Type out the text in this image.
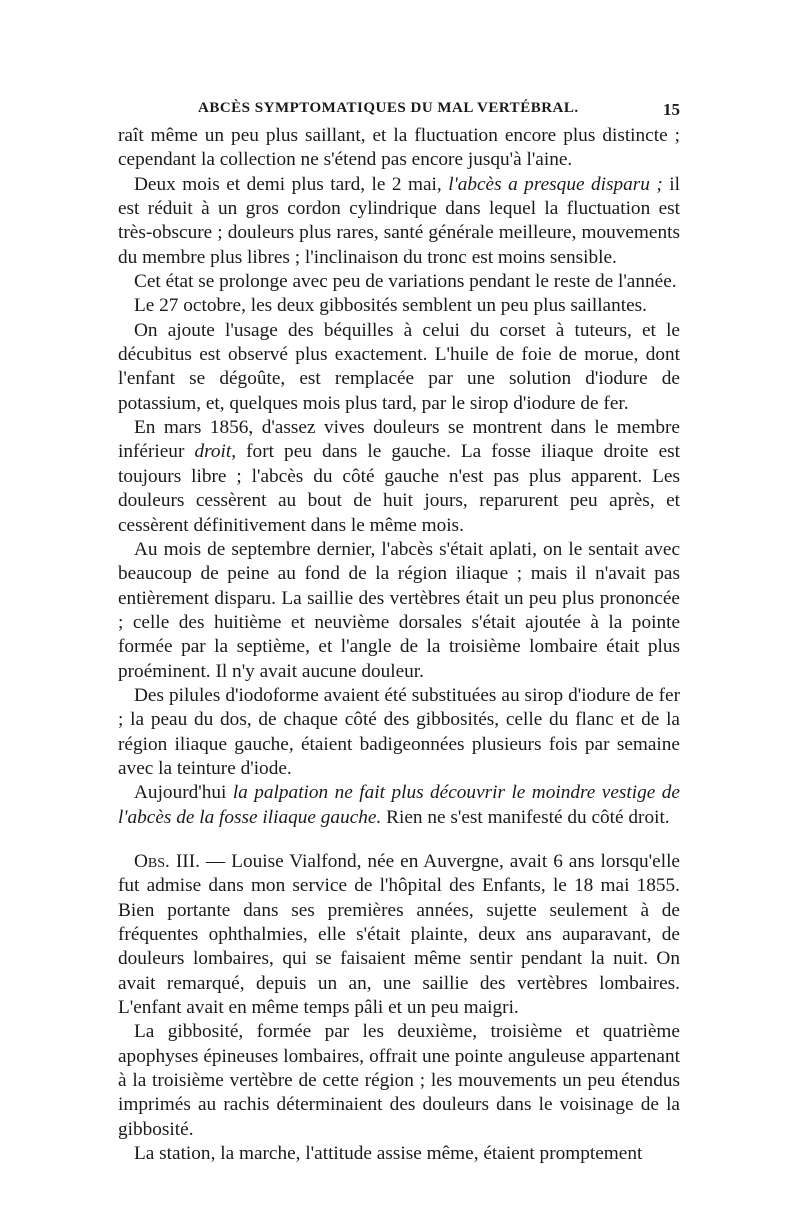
ABCÈS SYMPTOMATIQUES DU MAL VERTÉBRAL.	15

raît même un peu plus saillant, et la fluctuation encore plus distincte ; cependant la collection ne s'étend pas encore jusqu'à l'aine.

Deux mois et demi plus tard, le 2 mai, l'abcès a presque disparu ; il est réduit à un gros cordon cylindrique dans lequel la fluctuation est très-obscure ; douleurs plus rares, santé générale meilleure, mouvements du membre plus libres ; l'inclinaison du tronc est moins sensible.

Cet état se prolonge avec peu de variations pendant le reste de l'année.

Le 27 octobre, les deux gibbosités semblent un peu plus saillantes.

On ajoute l'usage des béquilles à celui du corset à tuteurs, et le décubitus est observé plus exactement. L'huile de foie de morue, dont l'enfant se dégoûte, est remplacée par une solution d'iodure de potassium, et, quelques mois plus tard, par le sirop d'iodure de fer.

En mars 1856, d'assez vives douleurs se montrent dans le membre inférieur droit, fort peu dans le gauche. La fosse iliaque droite est toujours libre ; l'abcès du côté gauche n'est pas plus apparent. Les douleurs cessèrent au bout de huit jours, reparurent peu après, et cessèrent définitivement dans le même mois.

Au mois de septembre dernier, l'abcès s'était aplati, on le sentait avec beaucoup de peine au fond de la région iliaque ; mais il n'avait pas entièrement disparu. La saillie des vertèbres était un peu plus prononcée ; celle des huitième et neuvième dorsales s'était ajoutée à la pointe formée par la septième, et l'angle de la troisième lombaire était plus proéminent. Il n'y avait aucune douleur.

Des pilules d'iodoforme avaient été substituées au sirop d'iodure de fer ; la peau du dos, de chaque côté des gibbosités, celle du flanc et de la région iliaque gauche, étaient badigeonnées plusieurs fois par semaine avec la teinture d'iode.

Aujourd'hui la palpation ne fait plus découvrir le moindre vestige de l'abcès de la fosse iliaque gauche. Rien ne s'est manifesté du côté droit.

Obs. III. — Louise Vialfond, née en Auvergne, avait 6 ans lorsqu'elle fut admise dans mon service de l'hôpital des Enfants, le 18 mai 1855. Bien portante dans ses premières années, sujette seulement à de fréquentes ophthalmies, elle s'était plainte, deux ans auparavant, de douleurs lombaires, qui se faisaient même sentir pendant la nuit. On avait remarqué, depuis un an, une saillie des vertèbres lombaires. L'enfant avait en même temps pâli et un peu maigri.

La gibbosité, formée par les deuxième, troisième et quatrième apophyses épineuses lombaires, offrait une pointe anguleuse appartenant à la troisième vertèbre de cette région ; les mouvements un peu étendus imprimés au rachis déterminaient des douleurs dans le voisinage de la gibbosité.

La station, la marche, l'attitude assise même, étaient promptement
